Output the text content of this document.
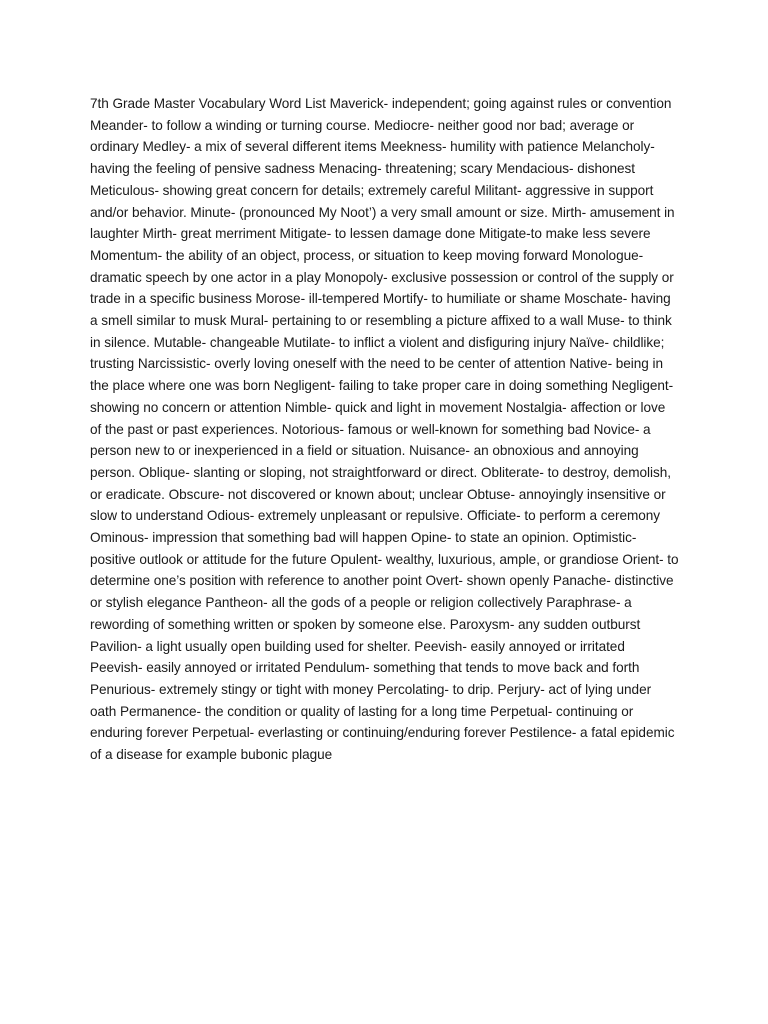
7th Grade Master Vocabulary Word List Maverick- independent; going against rules or convention Meander- to follow a winding or turning course. Mediocre- neither good nor bad; average or ordinary Medley- a mix of several different items Meekness- humility with patience Melancholy- having the feeling of pensive sadness Menacing- threatening; scary Mendacious- dishonest Meticulous- showing great concern for details; extremely careful Militant- aggressive in support and/or behavior. Minute- (pronounced My Noot’) a very small amount or size. Mirth- amusement in laughter Mirth- great merriment Mitigate- to lessen damage done Mitigate-to make less severe Momentum- the ability of an object, process, or situation to keep moving forward Monologue- dramatic speech by one actor in a play Monopoly- exclusive possession or control of the supply or trade in a specific business Morose- ill-tempered Mortify- to humiliate or shame Moschate- having a smell similar to musk Mural- pertaining to or resembling a picture affixed to a wall Muse- to think in silence. Mutable- changeable Mutilate- to inflict a violent and disfiguring injury Naïve- childlike; trusting Narcissistic- overly loving oneself with the need to be center of attention Native- being in the place where one was born Negligent- failing to take proper care in doing something Negligent- showing no concern or attention Nimble- quick and light in movement Nostalgia- affection or love of the past or past experiences. Notorious- famous or well-known for something bad Novice- a person new to or inexperienced in a field or situation. Nuisance- an obnoxious and annoying person. Oblique- slanting or sloping, not straightforward or direct. Obliterate- to destroy, demolish, or eradicate. Obscure- not discovered or known about; unclear Obtuse- annoyingly insensitive or slow to understand Odious- extremely unpleasant or repulsive. Officiate- to perform a ceremony Ominous- impression that something bad will happen Opine- to state an opinion. Optimistic- positive outlook or attitude for the future Opulent- wealthy, luxurious, ample, or grandiose Orient- to determine one’s position with reference to another point Overt- shown openly Panache- distinctive or stylish elegance Pantheon- all the gods of a people or religion collectively Paraphrase- a rewording of something written or spoken by someone else. Paroxysm- any sudden outburst Pavilion- a light usually open building used for shelter. Peevish- easily annoyed or irritated Peevish- easily annoyed or irritated Pendulum- something that tends to move back and forth Penurious- extremely stingy or tight with money Percolating- to drip. Perjury- act of lying under oath Permanence- the condition or quality of lasting for a long time Perpetual- continuing or enduring forever Perpetual- everlasting or continuing/enduring forever Pestilence- a fatal epidemic of a disease for example bubonic plague
